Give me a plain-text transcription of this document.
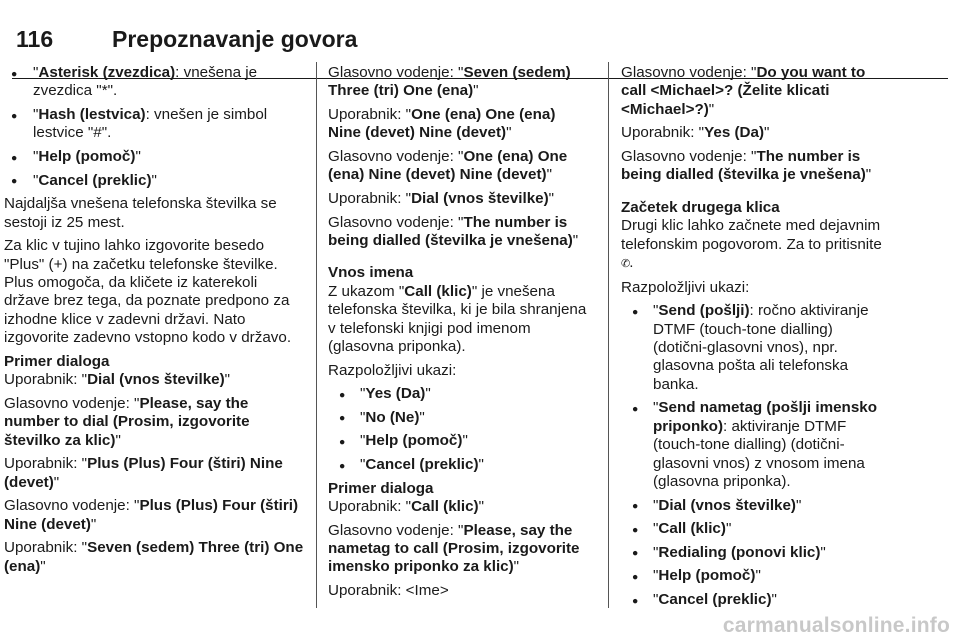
116	Prepoznavanje govora
● "Asterisk (zvezdica): vnešena je zvezdica "*".
● "Hash (lestvica): vnešen je simbol lestvice "#".
● "Help (pomoč)"
● "Cancel (preklic)"

Najdaljša vnešena telefonska številka se sestoji iz 25 mest.

Za klic v tujino lahko izgovorite besedo "Plus" (+) na začetku telefonske številke. Plus omogoča, da kličete iz katerekoli države brez tega, da poznate predpono za izhodne klice v zadevni državi. Nato izgovorite zadevno vstopno kodo v državo.

Primer dialoga

Uporabnik: "Dial (vnos številke)"

Glasovno vodenje: "Please, say the number to dial (Prosim, izgovorite številko za klic)"

Uporabnik: "Plus (Plus) Four (štiri) Nine (devet)"

Glasovno vodenje: "Plus (Plus) Four (štiri) Nine (devet)"

Uporabnik: "Seven (sedem) Three (tri) One (ena)"

Glasovno vodenje: "Seven (sedem) Three (tri) One (ena)"

Uporabnik: "One (ena) One (ena) Nine (devet) Nine (devet)"

Glasovno vodenje: "One (ena) One (ena) Nine (devet) Nine (devet)"

Uporabnik: "Dial (vnos številke)"

Glasovno vodenje: "The number is being dialled (številka je vnešena)"

Vnos imena

Z ukazom "Call (klic)" je vnešena telefonska številka, ki je bila shranjena v telefonski knjigi pod imenom (glasovna priponka).

Razpoložljivi ukazi:

● "Yes (Da)"
● "No (Ne)"
● "Help (pomoč)"
● "Cancel (preklic)"
Primer dialoga

Uporabnik: "Call (klic)"

Glasovno vodenje: "Please, say the nametag to call (Prosim, izgovorite imensko priponko za klic)"

Uporabnik: <Ime>

Glasovno vodenje: "Do you want to call <Michael>? (Želite klicati <Michael>?)"

Uporabnik: "Yes (Da)"

Glasovno vodenje: "The number is being dialled (številka je vnešena)"

Začetek drugega klica

Drugi klic lahko začnete med dejavnim telefonskim pogovorom. Za to pritisnite ✆.

Razpoložljivi ukazi:

● "Send (pošlji): ročno aktiviranje DTMF (touch-tone dialling) (dotični-glasovni vnos), npr. glasovna pošta ali telefonska banka.
● "Send nametag (pošlji imensko priponko): aktiviranje DTMF (touch-tone dialling) (dotični-glasovni vnos) z vnosom imena (glasovna priponka).
● "Dial (vnos številke)"
● "Call (klic)"
● "Redialing (ponovi klic)"
● "Help (pomoč)"
● "Cancel (preklic)"
carmanualsonline.info
